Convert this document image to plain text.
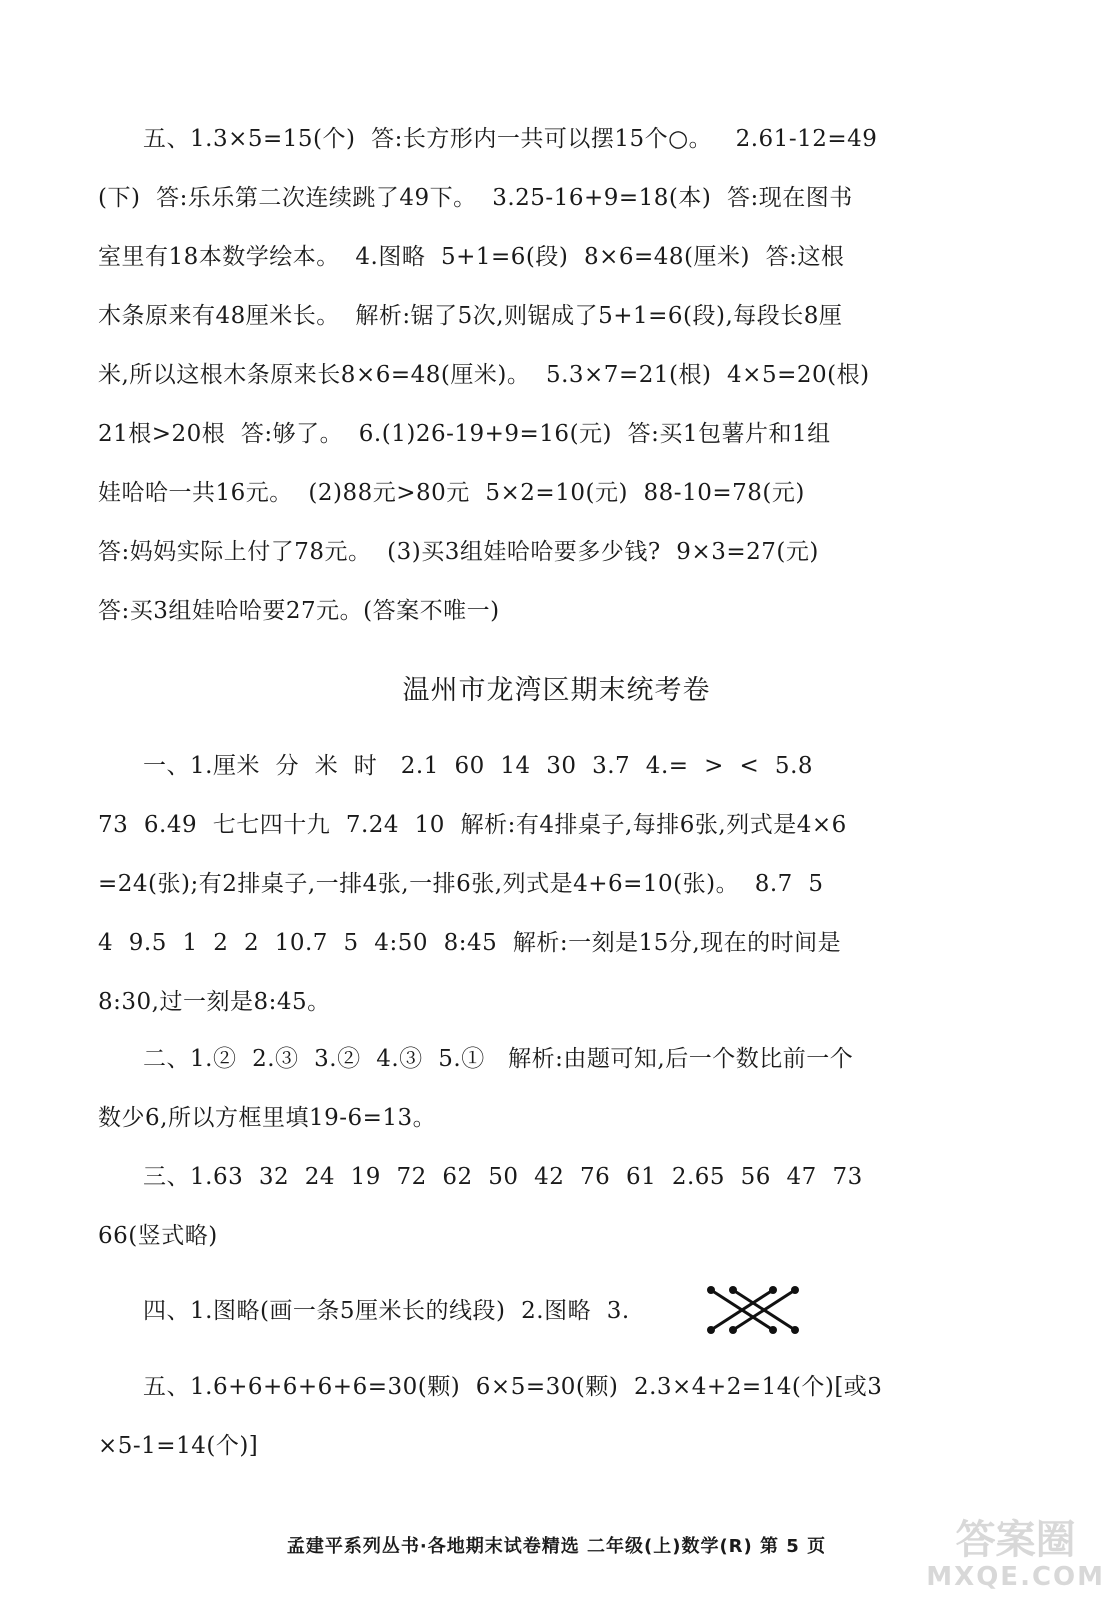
五、1.3×5=15(个)  答:长方形内一共可以摆15个○。   2.61-12=49
(下)  答:乐乐第二次连续跳了49下。  3.25-16+9=18(本)  答:现在图书
室里有18本数学绘本。  4.图略  5+1=6(段)  8×6=48(厘米)  答:这根
木条原来有48厘米长。  解析:锯了5次,则锯成了5+1=6(段),每段长8厘
米,所以这根木条原来长8×6=48(厘米)。  5.3×7=21(根)  4×5=20(根)
21根>20根  答:够了。  6.(1)26-19+9=16(元)  答:买1包薯片和1组
娃哈哈一共16元。  (2)88元>80元  5×2=10(元)  88-10=78(元)
答:妈妈实际上付了78元。  (3)买3组娃哈哈要多少钱?  9×3=27(元)
答:买3组娃哈哈要27元。(答案不唯一)
温州市龙湾区期末统考卷
一、1.厘米  分  米  时   2.1  60  14  30  3.7  4.=  >  <  5.8
73  6.49  七七四十九  7.24  10  解析:有4排桌子,每排6张,列式是4×6
=24(张);有2排桌子,一排4张,一排6张,列式是4+6=10(张)。  8.7  5
4  9.5  1  2  2  10.7  5  4:50  8:45  解析:一刻是15分,现在的时间是
8:30,过一刻是8:45。
二、1.②  2.③  3.②  4.③  5.①   解析:由题可知,后一个数比前一个
数少6,所以方框里填19-6=13。
三、1.63  32  24  19  72  62  50  42  76  61  2.65  56  47  73
66(竖式略)
四、1.图略(画一条5厘米长的线段)  2.图略  3.
五、1.6+6+6+6+6=30(颗)  6×5=30(颗)  2.3×4+2=14(个)[或3
×5-1=14(个)]
孟建平系列丛书·各地期末试卷精选 二年级(上)数学(R) 第 5 页	答案圈
MXQE.COM
